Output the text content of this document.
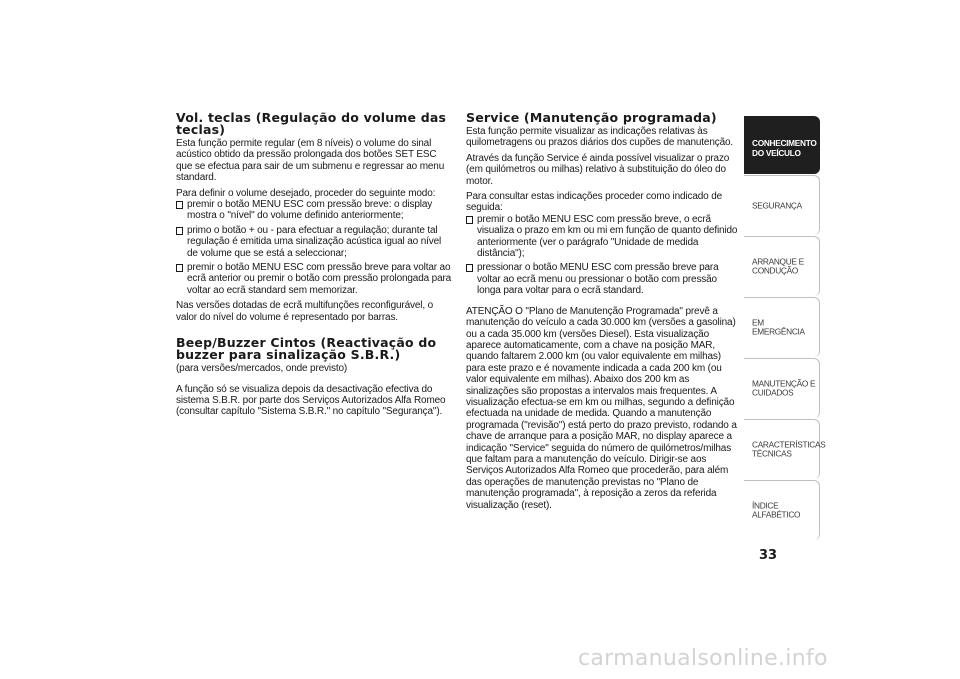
Vol. teclas (Regulação do volume das teclas)
Esta função permite regular (em 8 níveis) o volume do sinal acústico obtido da pressão prolongada dos botões SET ESC que se efectua para sair de um submenu e regressar ao menu standard.
Para definir o volume desejado, proceder do seguinte modo:
premir o botão MENU ESC com pressão breve: o display mostra o "nível" do volume definido anteriormente;
primo o botão + ou - para efectuar a regulação; durante tal regulação é emitida uma sinalização acústica igual ao nível de volume que se está a seleccionar;
premir o botão MENU ESC com pressão breve para voltar ao ecrã anterior ou premir o botão com pressão prolongada para voltar ao ecrã standard sem memorizar.
Nas versões dotadas de ecrã multifunções reconfigurável, o valor do nível do volume é representado por barras.
Beep/Buzzer Cintos (Reactivação do buzzer para sinalização S.B.R.)
(para versões/mercados, onde previsto)
A função só se visualiza depois da desactivação efectiva do sistema S.B.R. por parte dos Serviços Autorizados Alfa Romeo (consultar capítulo "Sistema S.B.R." no capítulo "Segurança").
Service (Manutenção programada)
Esta função permite visualizar as indicações relativas às quilometragens ou prazos diários dos cupões de manutenção.
Através da função Service é ainda possível visualizar o prazo (em quilómetros ou milhas) relativo à substituição do óleo do motor.
Para consultar estas indicações proceder como indicado de seguida:
premir o botão MENU ESC com pressão breve, o ecrã visualiza o prazo em km ou mi em função de quanto definido anteriormente (ver o parágrafo "Unidade de medida distância");
pressionar o botão MENU ESC com pressão breve para voltar ao ecrã menu ou pressionar o botão com pressão longa para voltar para o ecrã standard.
ATENÇÃO O "Plano de Manutenção Programada" prevê a manutenção do veículo a cada 30.000 km (versões a gasolina) ou a cada 35.000 km (versões Diesel). Esta visualização aparece automaticamente, com a chave na posição MAR, quando faltarem 2.000 km (ou valor equivalente em milhas) para este prazo e é novamente indicada a cada 200 km (ou valor equivalente em milhas). Abaixo dos 200 km as sinalizações são propostas a intervalos mais frequentes. A visualização efectua-se em km ou milhas, segundo a definição efectuada na unidade de medida. Quando a manutenção programada ("revisão") está perto do prazo previsto, rodando a chave de arranque para a posição MAR, no display aparece a indicação "Service" seguida do número de quilómetros/milhas que faltam para a manutenção do veículo. Dirigir-se aos Serviços Autorizados Alfa Romeo que procederão, para além das operações de manutenção previstas no "Plano de manutenção programada", à reposição a zeros da referida visualização (reset).
CONHECIMENTO DO VEÍCULO
SEGURANÇA
ARRANQUE E CONDUÇÃO
EM EMERGÊNCIA
MANUTENÇÃO E CUIDADOS
CARACTERÍSTICAS TÉCNICAS
ÍNDICE ALFABÉTICO
33
carmanualsonline.info
